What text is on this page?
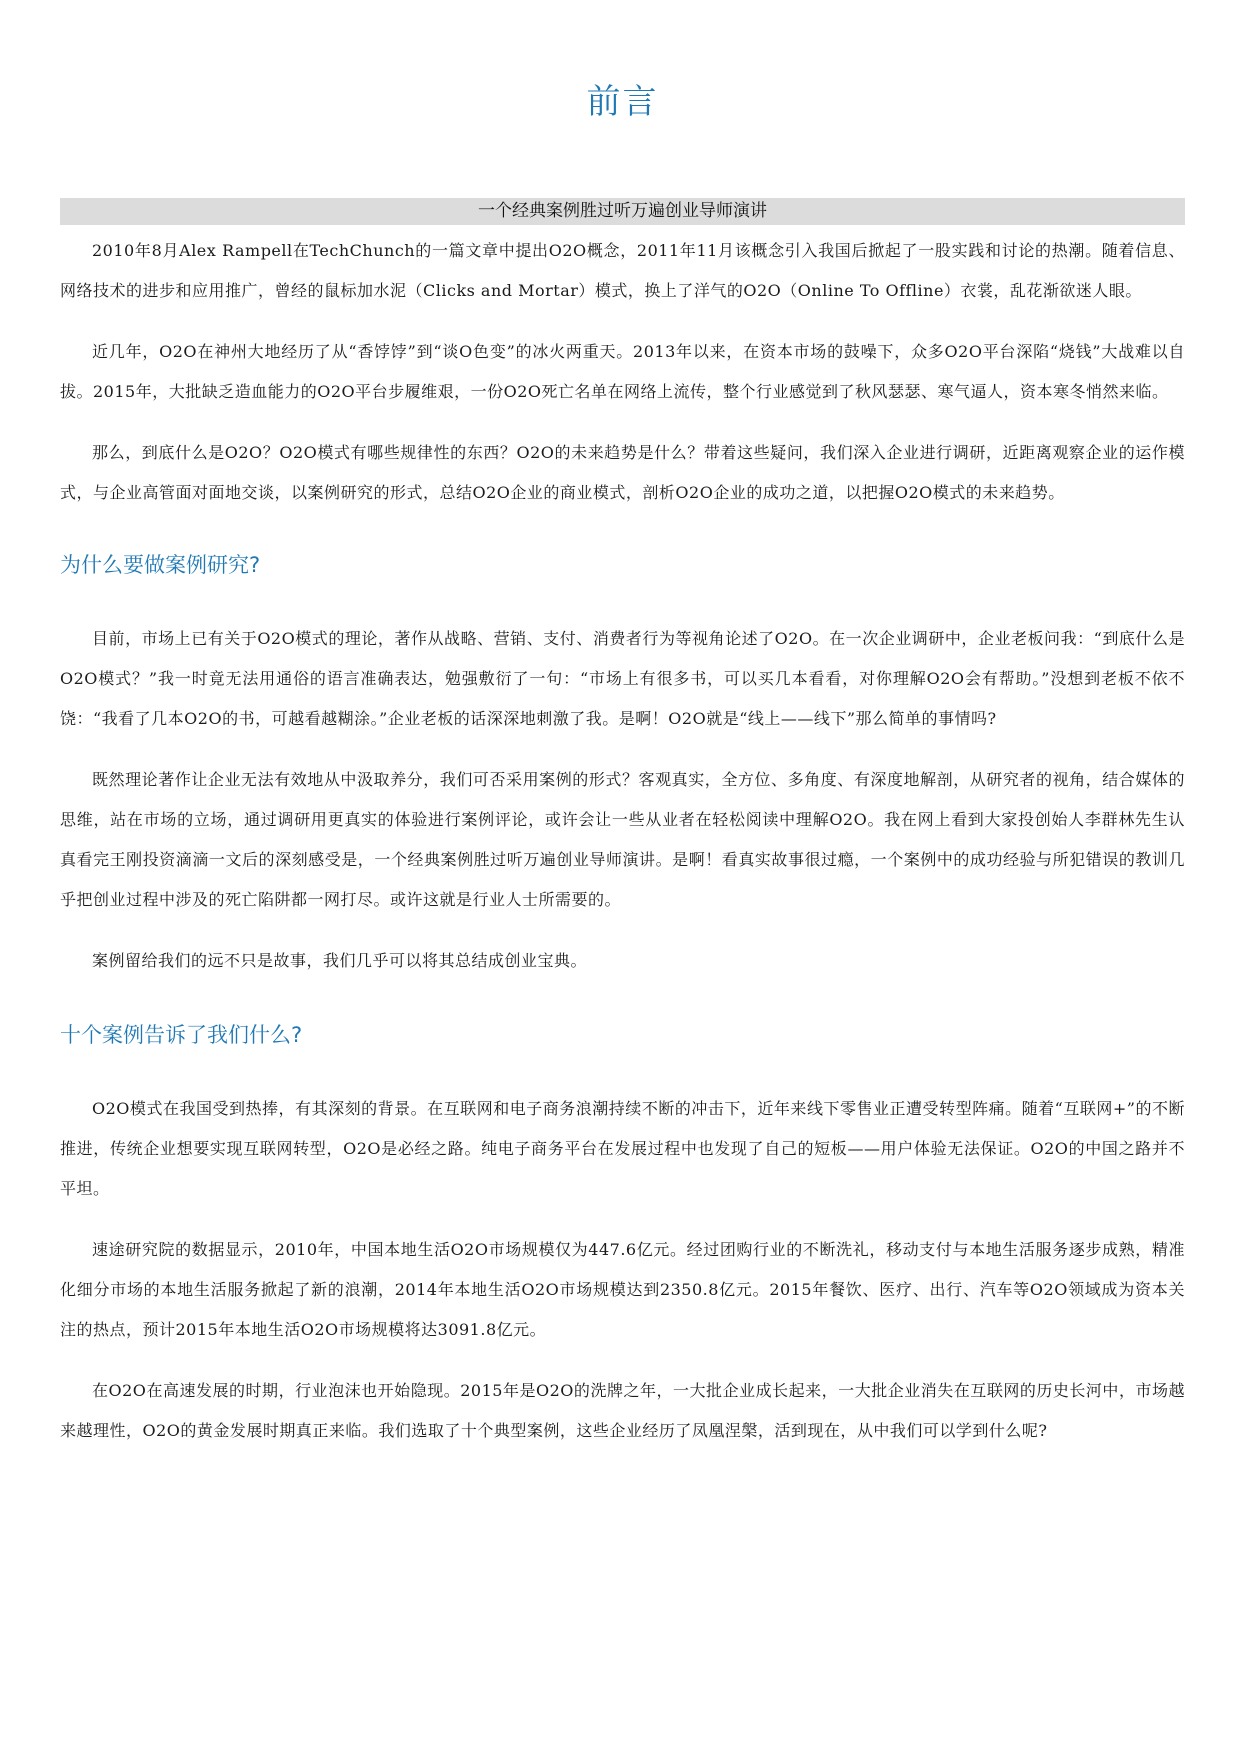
前言
一个经典案例胜过听万遍创业导师演讲

2010年8月Alex Rampell在TechChunch的一篇文章中提出O2O概念，2011年11月该概念引入我国后掀起了一股实践和讨论的热潮。随着信息、网络技术的进步和应用推广，曾经的鼠标加水泥（Clicks and Mortar）模式，换上了洋气的O2O（Online To Offline）衣裳，乱花渐欲迷人眼。

近几年，O2O在神州大地经历了从“香饽饽”到“谈O色变”的冰火两重天。2013年以来，在资本市场的鼓噪下，众多O2O平台深陷“烧钱”大战难以自拔。2015年，大批缺乏造血能力的O2O平台步履维艰，一份O2O死亡名单在网络上流传，整个行业感觉到了秋风瑟瑟、寒气逼人，资本寒冬悄然来临。

那么，到底什么是O2O？O2O模式有哪些规律性的东西？O2O的未来趋势是什么？带着这些疑问，我们深入企业进行调研，近距离观察企业的运作模式，与企业高管面对面地交谈，以案例研究的形式，总结O2O企业的商业模式，剖析O2O企业的成功之道，以把握O2O模式的未来趋势。

为什么要做案例研究?

目前，市场上已有关于O2O模式的理论，著作从战略、营销、支付、消费者行为等视角论述了O2O。在一次企业调研中，企业老板问我：“到底什么是O2O模式？”我一时竟无法用通俗的语言准确表达，勉强敷衍了一句：“市场上有很多书，可以买几本看看，对你理解O2O会有帮助。”没想到老板不依不饶：“我看了几本O2O的书，可越看越糊涂。”企业老板的话深深地刺激了我。是啊！O2O就是“线上——线下”那么简单的事情吗?

既然理论著作让企业无法有效地从中汲取养分，我们可否采用案例的形式？客观真实，全方位、多角度、有深度地解剖，从研究者的视角，结合媒体的思维，站在市场的立场，通过调研用更真实的体验进行案例评论，或许会让一些从业者在轻松阅读中理解O2O。我在网上看到大家投创始人李群林先生认真看完王刚投资滴滴一文后的深刻感受是，一个经典案例胜过听万遍创业导师演讲。是啊！看真实故事很过瘾，一个案例中的成功经验与所犯错误的教训几乎把创业过程中涉及的死亡陷阱都一网打尽。或许这就是行业人士所需要的。

案例留给我们的远不只是故事，我们几乎可以将其总结成创业宝典。

十个案例告诉了我们什么?

O2O模式在我国受到热捧，有其深刻的背景。在互联网和电子商务浪潮持续不断的冲击下，近年来线下零售业正遭受转型阵痛。随着“互联网+”的不断推进，传统企业想要实现互联网转型，O2O是必经之路。纯电子商务平台在发展过程中也发现了自己的短板——用户体验无法保证。O2O的中国之路并不平坦。

速途研究院的数据显示，2010年，中国本地生活O2O市场规模仅为447.6亿元。经过团购行业的不断洗礼，移动支付与本地生活服务逐步成熟，精准化细分市场的本地生活服务掀起了新的浪潮，2014年本地生活O2O市场规模达到2350.8亿元。2015年餐饮、医疗、出行、汽车等O2O领域成为资本关注的热点，预计2015年本地生活O2O市场规模将达3091.8亿元。

在O2O在高速发展的时期，行业泡沫也开始隐现。2015年是O2O的洗牌之年，一大批企业成长起来，一大批企业消失在互联网的历史长河中，市场越来越理性，O2O的黄金发展时期真正来临。我们选取了十个典型案例，这些企业经历了凤凰涅槃，活到现在，从中我们可以学到什么呢?
